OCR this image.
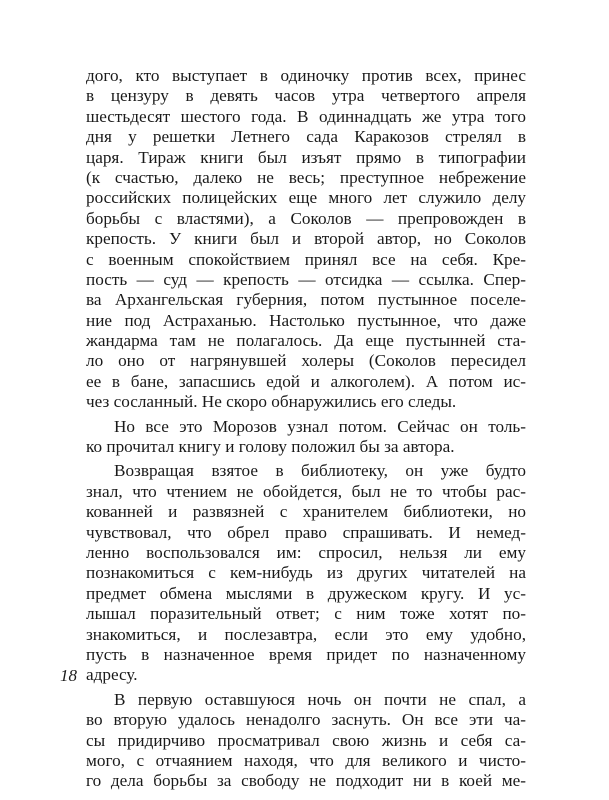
дого, кто выступает в одиночку против всех, принес
в цензуру в девять часов утра четвертого апреля
шестьдесят шестого года. В одиннадцать же утра того
дня у решетки Летнего сада Каракозов стрелял в
царя. Тираж книги был изъят прямо в типографии
(к счастью, далеко не весь; преступное небрежение
российских полицейских еще много лет служило делу
борьбы с властями), а Соколов — препровожден в
крепость. У книги был и второй автор, но Соколов
с военным спокойствием принял все на себя. Кре-
пость — суд — крепость — отсидка — ссылка. Спер-
ва Архангельская губерния, потом пустынное поселе-
ние под Астраханью. Настолько пустынное, что даже
жандарма там не полагалось. Да еще пустынней ста-
ло оно от нагрянувшей холеры (Соколов пересидел
ее в бане, запасшись едой и алкоголем). А потом ис-
чез сосланный. Не скоро обнаружились его следы.
Но все это Морозов узнал потом. Сейчас он толь-
ко прочитал книгу и голову положил бы за автора.
Возвращая взятое в библиотеку, он уже будто
знал, что чтением не обойдется, был не то чтобы рас-
кованней и развязней с хранителем библиотеки, но
чувствовал, что обрел право спрашивать. И немед-
ленно воспользовался им: спросил, нельзя ли ему
познакомиться с кем-нибудь из других читателей на
предмет обмена мыслями в дружеском кругу. И ус-
лышал поразительный ответ; с ним тоже хотят по-
знакомиться, и послезавтра, если это ему удобно,
пусть в назначенное время придет по назначенному
адресу.
В первую оставшуюся ночь он почти не спал, а
во вторую удалось ненадолго заснуть. Он все эти ча-
сы придирчиво просматривал свою жизнь и себя са-
мого, с отчаянием находя, что для великого и чисто-
го дела борьбы за свободу не подходит ни в коей ме-
18
